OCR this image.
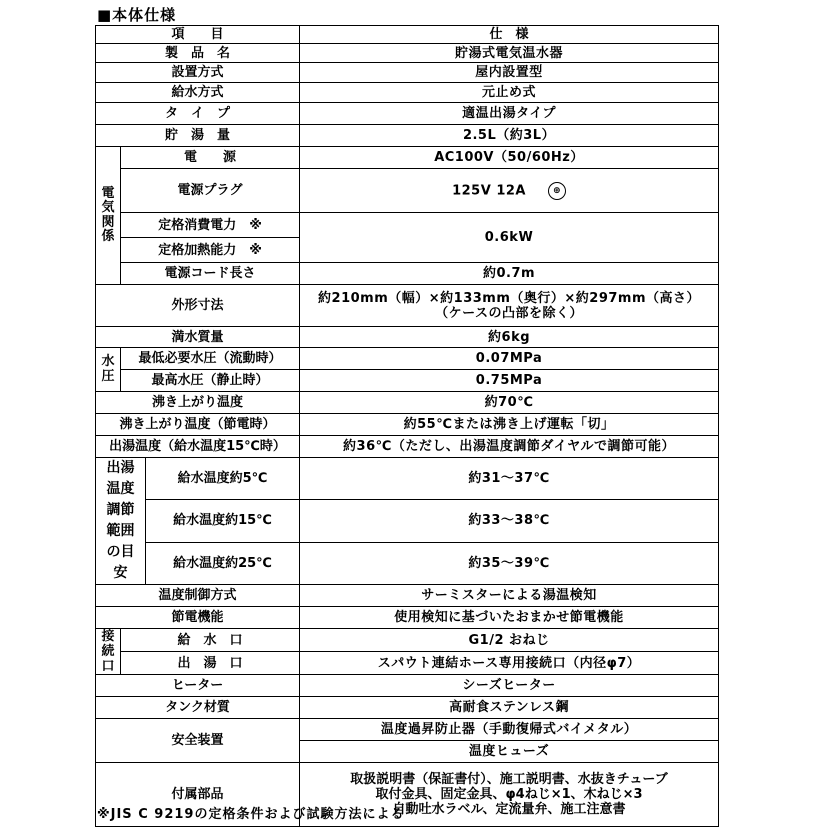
■本体仕様
項　　目			仕　様
製　品　名			貯湯式電気温水器
設置方式			屋内設置型
給水方式			元止め式
タ　イ　プ			適温出湯タイプ
貯　湯　量			2.5L（約3L）
電気関係	電　　源		AC100V（50/60Hz）
	電源プラグ		125V 12A ⊕
	定格消費電力　※		0.6kW
	定格加熱能力　※		
	電源コード長さ		約0.7m
外形寸法			約210mm（幅）×約133mm（奥行）×約297mm（高さ）
（ケースの凸部を除く）

満水質量			約6kg
水圧	最低必要水圧（流動時）		0.07MPa
	最高水圧（静止時）		0.75MPa
沸き上がり温度			約70℃
沸き上がり温度（節電時）			約55℃または沸き上げ運転「切」
出湯温度（給水温度15℃時）			約36℃（ただし、出湯温度調節ダイヤルで調節可能）
出湯温度調節範囲の目安		給水温度約5℃	約31～37℃
		給水温度約15℃	約33～38℃
		給水温度約25℃	約35～39℃
温度制御方式			サーミスターによる湯温検知
節電機能			使用検知に基づいたおまかせ節電機能
接続口	給　水　口		G1/2 おねじ
	出　湯　口		スパウト連結ホース専用接続口（内径φ7）
ヒーター			シーズヒーター
タンク材質			高耐食ステンレス鋼
安全装置			温度過昇防止器（手動復帰式バイメタル）
			温度ヒューズ
付属部品			取扱説明書（保証書付）、施工説明書、水抜きチューブ
取付金具、固定金具、φ4ねじ×1、木ねじ×3
自動吐水ラベル、定流量弁、施工注意書
※JIS C 9219の定格条件および試験方法による
